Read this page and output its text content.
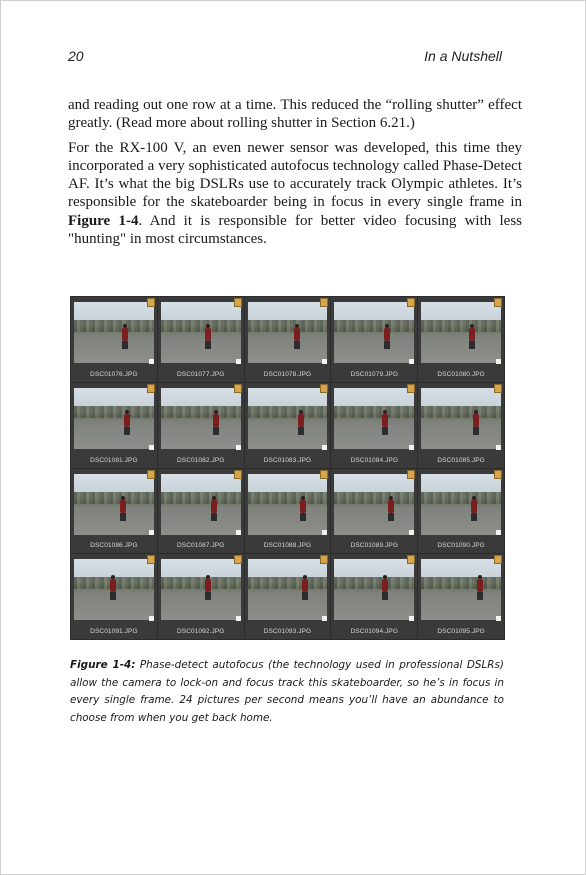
20	In a Nutshell

and reading out one row at a time. This reduced the “rolling shutter” effect greatly. (Read more about rolling shutter in Section 6.21.)

For the RX-100 V, an even newer sensor was developed, this time they incorporated a very sophisticated autofocus technology called Phase-Detect AF. It’s what the big DSLRs use to accurately track Olympic athletes. It’s responsible for the skateboarder being in focus in every single frame in Figure 1-4. And it is responsible for better video focusing with less "hunting" in most circumstances.

DSC01076.JPG	DSC01077.JPG	DSC01078.JPG	DSC01079.JPG	DSC01080.JPG
DSC01081.JPG	DSC01082.JPG	DSC01083.JPG	DSC01084.JPG	DSC01085.JPG
DSC01086.JPG	DSC01087.JPG	DSC01088.JPG	DSC01089.JPG	DSC01090.JPG
DSC01091.JPG	DSC01092.JPG	DSC01093.JPG	DSC01094.JPG	DSC01095.JPG
Figure 1-4: Phase-detect autofocus (the technology used in professional DSLRs) allow the camera to lock-on and focus track this skateboarder, so he’s in focus in every single frame. 24 pictures per second means you’ll have an abundance to choose from when you get back home.
